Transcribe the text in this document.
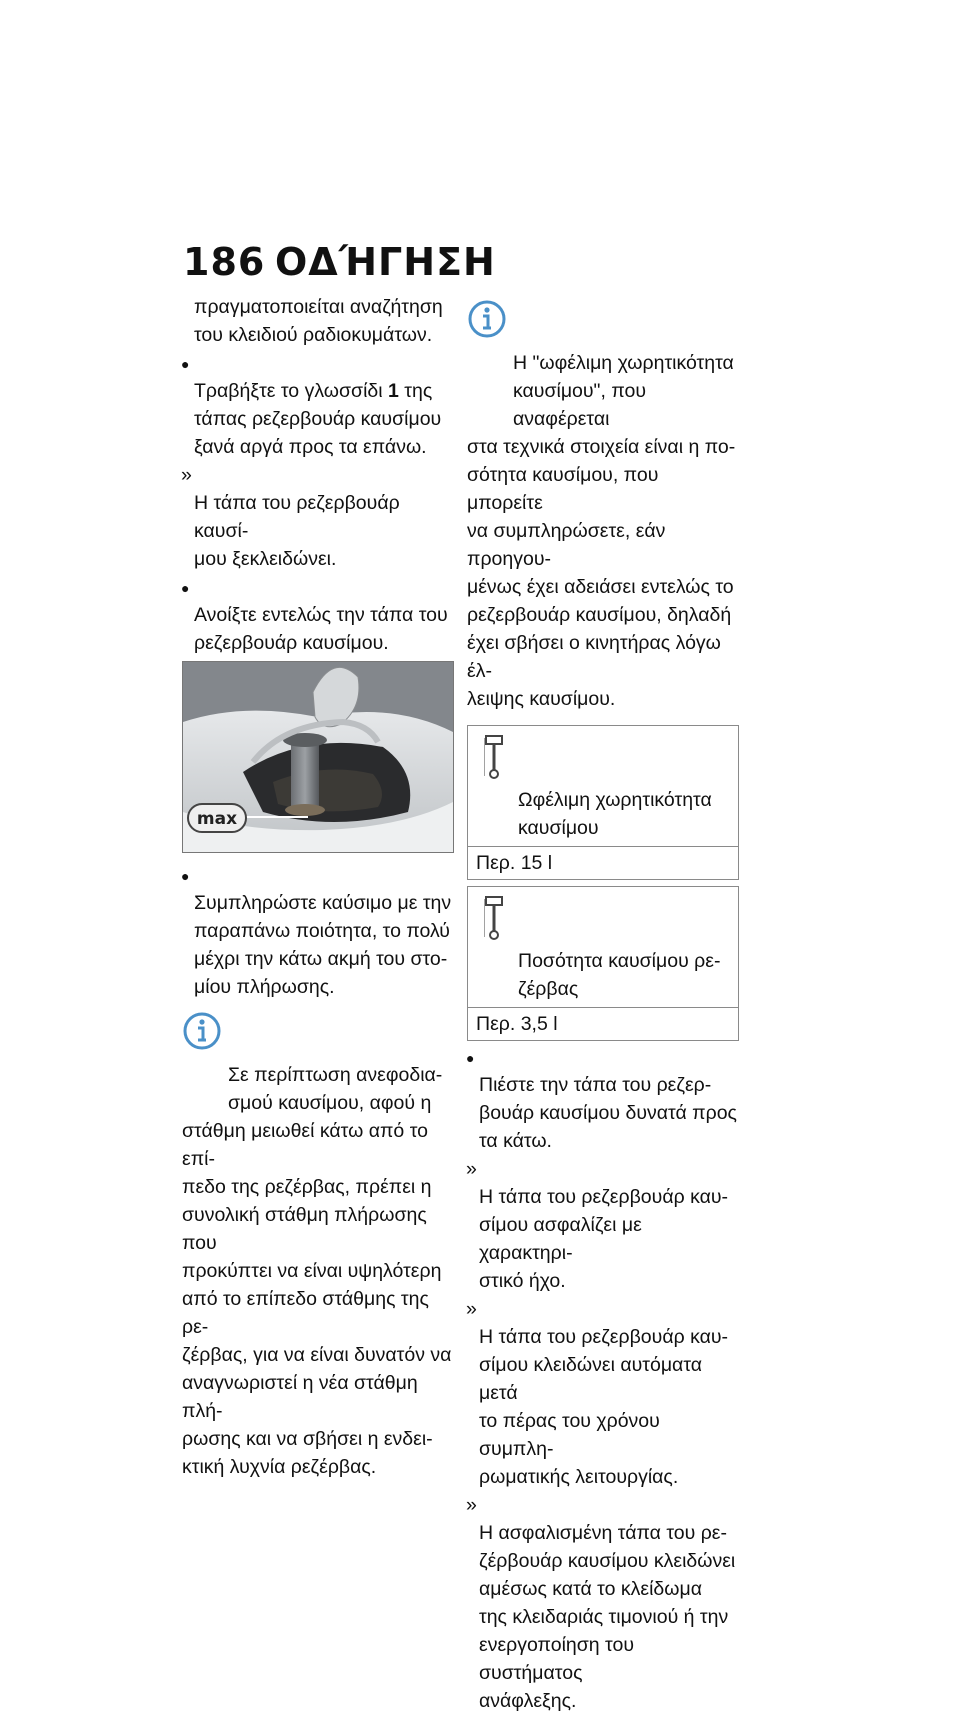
186 ΟΔΉΓΗΣΗ

πραγματοποιείται αναζήτηση
του κλειδιού ραδιοκυμάτων.

●
Τραβήξτε το γλωσσίδι 1 της
τάπας ρεζερβουάρ καυσίμου
ξανά αργά προς τα επάνω.

»
Η τάπα του ρεζερβουάρ καυσί-
μου ξεκλειδώνει.

●
Ανοίξτε εντελώς την τάπα του
ρεζερβουάρ καυσίμου.

max

●
Συμπληρώστε καύσιμο με την
παραπάνω ποιότητα, το πολύ
μέχρι την κάτω ακμή του στο-
μίου πλήρωσης.

Σε περίπτωση ανεφοδια-
σμού καυσίμου, αφού η
στάθμη μειωθεί κάτω από το επί-
πεδο της ρεζέρβας, πρέπει η
συνολική στάθμη πλήρωσης που
προκύπτει να είναι υψηλότερη
από το επίπεδο στάθμης της ρε-
ζέρβας, για να είναι δυνατόν να
αναγνωριστεί η νέα στάθμη πλή-
ρωσης και να σβήσει η ενδει-
κτική λυχνία ρεζέρβας.

Η "ωφέλιμη χωρητικότητα
καυσίμου", που αναφέρεται
στα τεχνικά στοιχεία είναι η πο-
σότητα καυσίμου, που μπορείτε
να συμπληρώσετε, εάν προηγου-
μένως έχει αδειάσει εντελώς το
ρεζερβουάρ καυσίμου, δηλαδή
έχει σβήσει ο κινητήρας λόγω έλ-
λειψης καυσίμου.

Ωφέλιμη χωρητικότητα
καυσίμου

Περ. 15 l

Ποσότητα καυσίμου ρε-
ζέρβας

Περ. 3,5 l

●
Πιέστε την τάπα του ρεζερ-
βουάρ καυσίμου δυνατά προς
τα κάτω.

»
Η τάπα του ρεζερβουάρ καυ-
σίμου ασφαλίζει με χαρακτηρι-
στικό ήχο.

»
Η τάπα του ρεζερβουάρ καυ-
σίμου κλειδώνει αυτόματα μετά
το πέρας του χρόνου συμπλη-
ρωματικής λειτουργίας.

»
Η ασφαλισμένη τάπα του ρε-
ζέρβουάρ καυσίμου κλειδώνει
αμέσως κατά το κλείδωμα
της κλειδαριάς τιμονιού ή την
ενεργοποίηση του συστήματος
ανάφλεξης.
